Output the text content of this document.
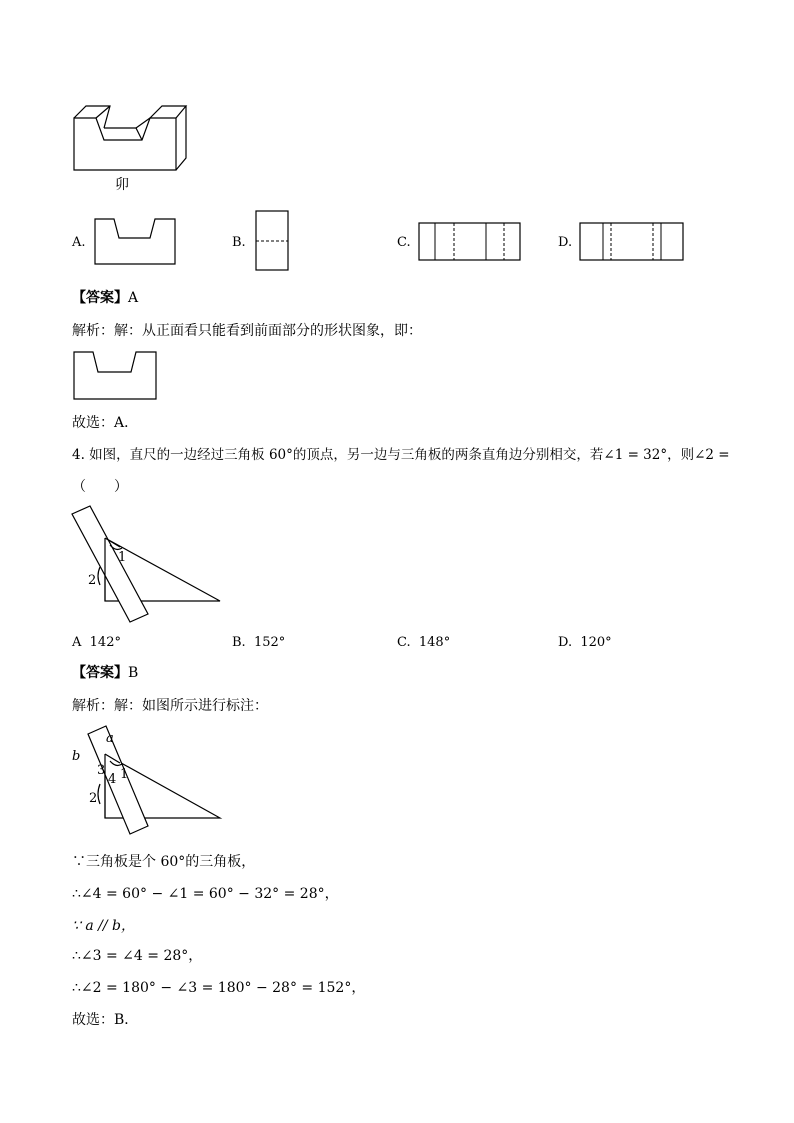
卯
A.	B.	C.	D.
【答案】A
解析：解：从正面看只能看到前面部分的形状图象，即：
故选：A．
4. 如图，直尺的一边经过三角板 60°的顶点，另一边与三角板的两条直角边分别相交，若∠1 = 32°，则∠2 =
（　　）
1
2
A 142°	B. 152°	C. 148°	D. 120°
【答案】B
解析：解：如图所示进行标注：
a
b
3
4 1
2
∵三角板是个 60°的三角板，
∴∠4 = 60° − ∠1 = 60° − 32° = 28°，
∵ a // b，
∴∠3 = ∠4 = 28°，
∴∠2 = 180° − ∠3 = 180° − 28° = 152°，
故选：B．
